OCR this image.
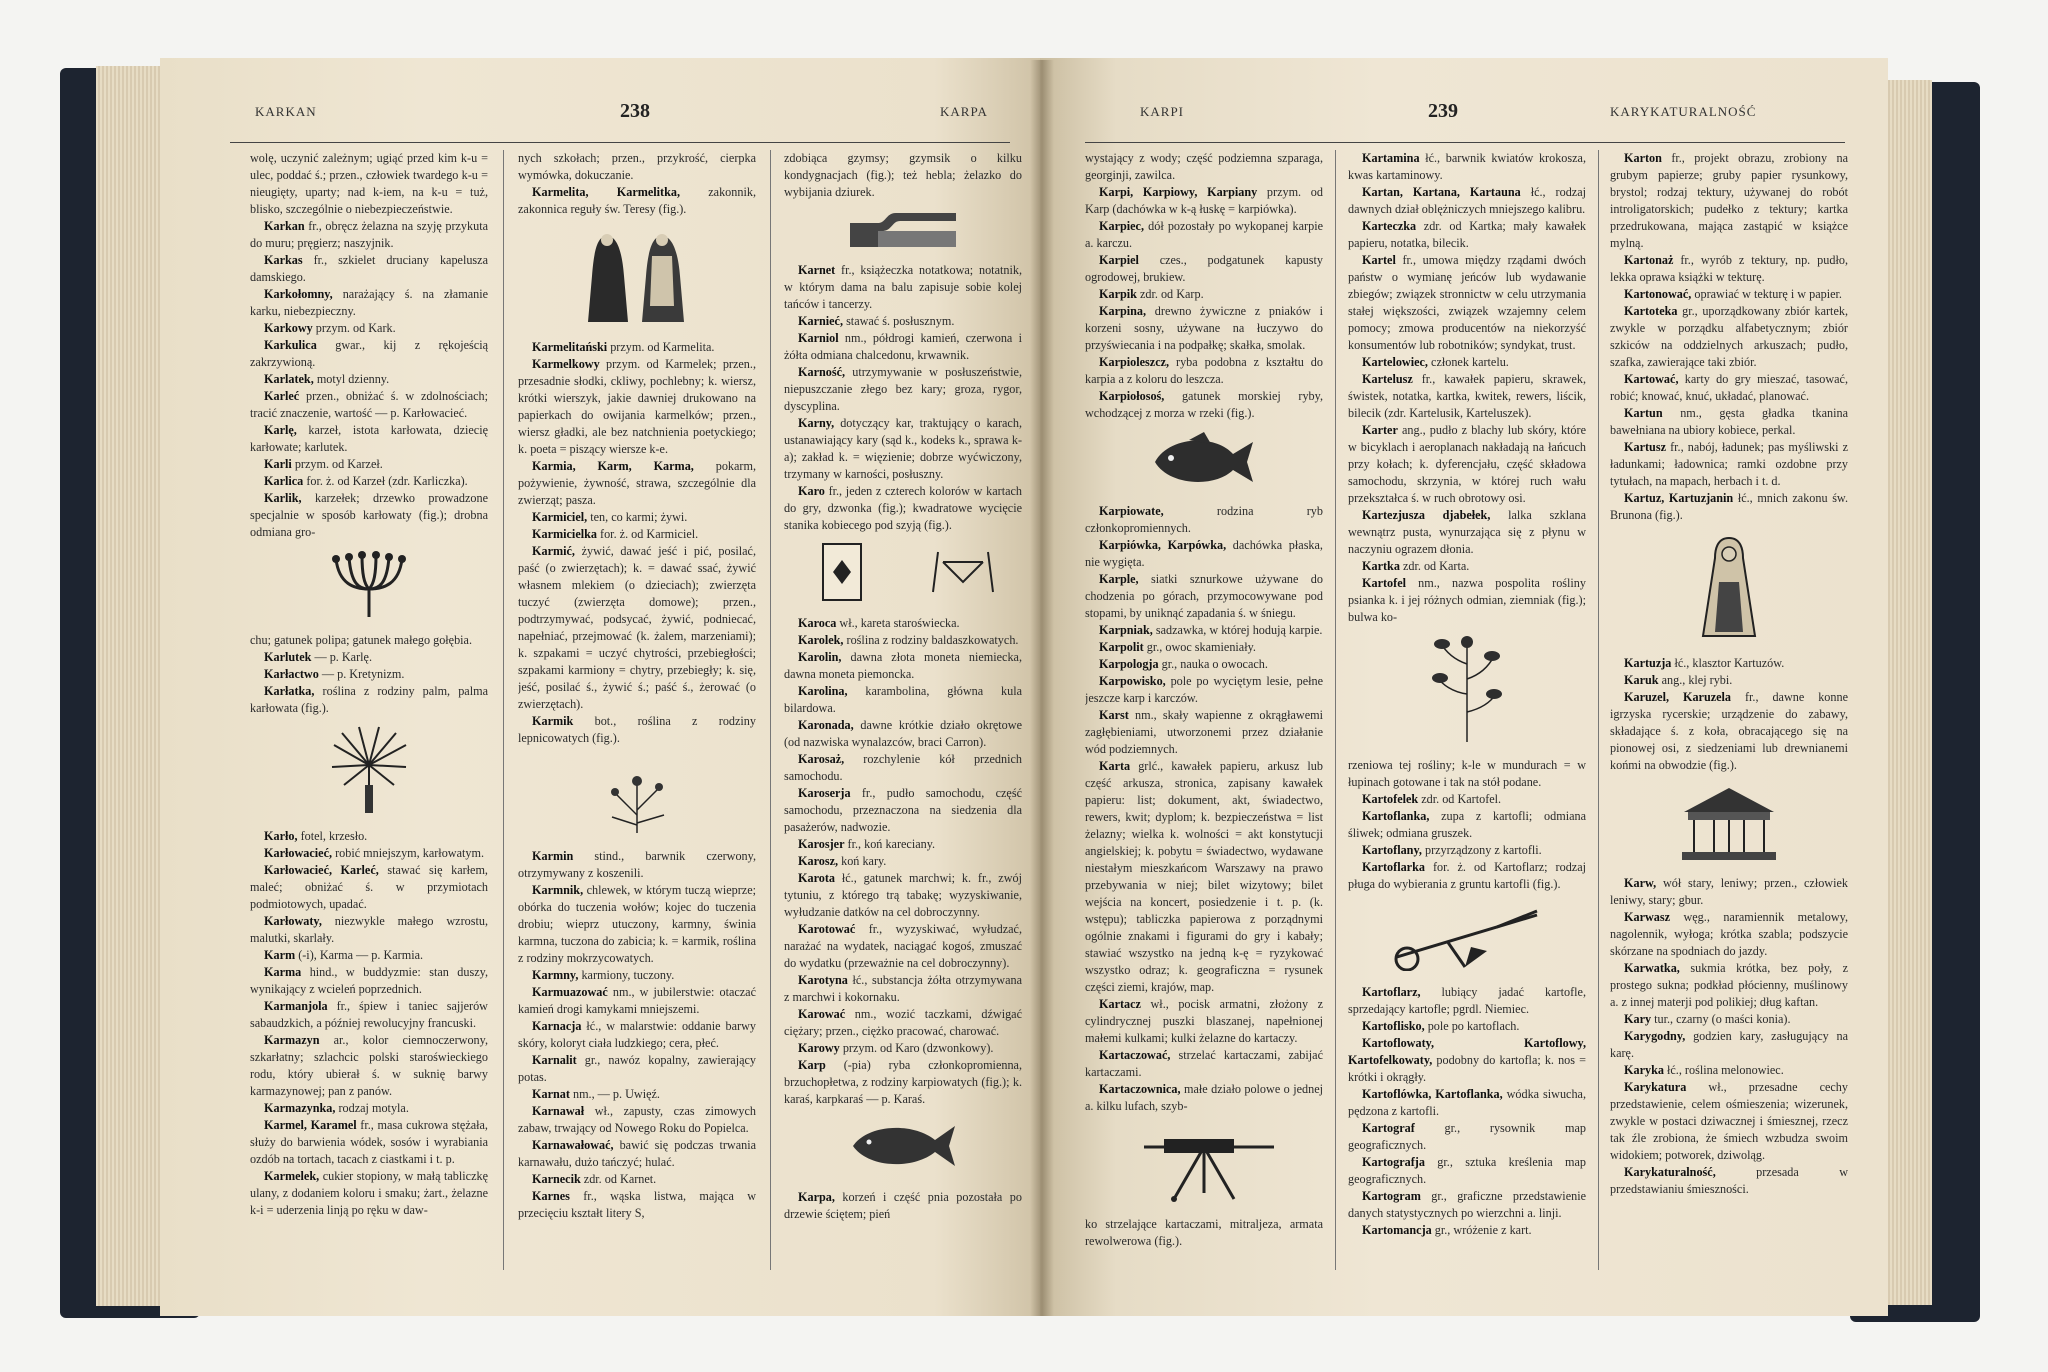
KARKAN	238	KARPA

wolę, uczynić zależnym; ugiąć przed kim k-u = ulec, poddać ś.; przen., człowiek twardego k-u = nieugięty, uparty; nad k-iem, na k-u = tuż, blisko, szczególnie o niebezpieczeństwie.

Karkan fr., obręcz żelazna na szyję przykuta do muru; pręgierz; naszyjnik.

Karkas fr., szkielet druciany kapelusza damskiego.

Karkołomny, narażający ś. na złamanie karku, niebezpieczny.

Karkowy przym. od Kark.

Karkulica gwar., kij z rękojeścią zakrzywioną.

Karlatek, motyl dzienny.

Karleć przen., obniżać ś. w zdolnościach; tracić znaczenie, wartość — p. Karłowacieć.

Karlę, karzeł, istota karłowata, dziecię karłowate; karlutek.

Karli przym. od Karzeł.

Karlica for. ż. od Karzeł (zdr. Karliczka).

Karlik, karzełek; drzewko prowadzone specjalnie w sposób karłowaty (fig.); drobna odmiana gro-

chu; gatunek polipa; gatunek małego gołębia.

Karlutek — p. Karlę.

Karłactwo — p. Kretynizm.

Karłatka, roślina z rodziny palm, palma karłowata (fig.).

Karło, fotel, krzesło.

Karłowacieć, robić mniejszym, karłowatym.

Karłowacieć, Karleć, stawać się karłem, maleć; obniżać ś. w przymiotach podmiotowych, upadać.

Karłowaty, niezwykle małego wzrostu, malutki, skarlały.

Karm (-i), Karma — p. Karmia.

Karma hind., w buddyzmie: stan duszy, wynikający z wcieleń poprzednich.

Karmanjola fr., śpiew i taniec sajjerów sabaudzkich, a później rewolucyjny francuski.

Karmazyn ar., kolor ciemnoczerwony, szkarłatny; szlachcic polski staroświeckiego rodu, który ubierał ś. w suknię barwy karmazynowej; pan z panów.

Karmazynka, rodzaj motyla.

Karmel, Karamel fr., masa cukrowa stężała, służy do barwienia wódek, sosów i wyrabiania ozdób na tortach, tacach z ciastkami i t. p.

Karmelek, cukier stopiony, w małą tabliczkę ulany, z dodaniem koloru i smaku; żart., żelazne k-i = uderzenia linją po ręku w daw-

nych szkołach; przen., przykrość, cierpka wymówka, dokuczanie.

Karmelita, Karmelitka, zakonnik, zakonnica reguły św. Teresy (fig.).

Karmelitański przym. od Karmelita.

Karmelkowy przym. od Karmelek; przen., przesadnie słodki, ckliwy, pochlebny; k. wiersz, krótki wierszyk, jakie dawniej drukowano na papierkach do owijania karmelków; przen., wiersz gładki, ale bez natchnienia poetyckiego; k. poeta = piszący wiersze k-e.

Karmia, Karm, Karma, pokarm, pożywienie, żywność, strawa, szczególnie dla zwierząt; pasza.

Karmiciel, ten, co karmi; żywi.

Karmicielka for. ż. od Karmiciel.

Karmić, żywić, dawać jeść i pić, posilać, paść (o zwierzętach); k. = dawać ssać, żywić własnem mlekiem (o dzieciach); zwierzęta tuczyć (zwierzęta domowe); przen., podtrzymywać, podsycać, żywić, podniecać, napełniać, przejmować (k. żalem, marzeniami); k. szpakami = uczyć chytrości, przebiegłości; szpakami karmiony = chytry, przebiegły; k. się, jeść, posilać ś., żywić ś.; paść ś., żerować (o zwierzętach).

Karmik bot., roślina z rodziny lepnicowatych (fig.).

Karmin stind., barwnik czerwony, otrzymywany z koszenili.

Karmnik, chlewek, w którym tuczą wieprze; obórka do tuczenia wołów; kojec do tuczenia drobiu; wieprz utuczony, karmny, świnia karmna, tuczona do zabicia; k. = karmik, roślina z rodziny mokrzycowatych.

Karmny, karmiony, tuczony.

Karmuazować nm., w jubilerstwie: otaczać kamień drogi kamykami mniejszemi.

Karnacja łć., w malarstwie: oddanie barwy skóry, koloryt ciała ludzkiego; cera, płeć.

Karnalit gr., nawóz kopalny, zawierający potas.

Karnat nm., — p. Uwięź.

Karnawał wł., zapusty, czas zimowych zabaw, trwający od Nowego Roku do Popielca.

Karnawałować, bawić się podczas trwania karnawału, dużo tańczyć; hulać.

Karnecik zdr. od Karnet.

Karnes fr., wąska listwa, mająca w przecięciu kształt litery S,

zdobiąca gzymsy; gzymsik o kilku kondygnacjach (fig.); też hebla; żelazko do wybijania dziurek.

Karnet fr., książeczka notatkowa; notatnik, w którym dama na balu zapisuje sobie kolej tańców i tancerzy.

Karnieć, stawać ś. posłusznym.

Karniol nm., półdrogi kamień, czerwona i żółta odmiana chalcedonu, krwawnik.

Karność, utrzymywanie w posłuszeństwie, niepuszczanie złego bez kary; groza, rygor, dyscyplina.

Karny, dotyczący kar, traktujący o karach, ustanawiający kary (sąd k., kodeks k., sprawa k-a); zakład k. = więzienie; dobrze wyćwiczony, trzymany w karności, posłuszny.

Karo fr., jeden z czterech kolorów w kartach do gry, dzwonka (fig.); kwadratowe wycięcie stanika kobiecego pod szyją (fig.).

Karoca wł., kareta staroświecka.

Karolek, roślina z rodziny baldaszkowatych.

Karolin, dawna złota moneta niemiecka, dawna moneta piemoncka.

Karolina, karambolina, główna kula bilardowa.

Karonada, dawne krótkie działo okrętowe (od nazwiska wynalazców, braci Carron).

Karosaż, rozchylenie kół przednich samochodu.

Karoserja fr., pudło samochodu, część samochodu, przeznaczona na siedzenia dla pasażerów, nadwozie.

Karosjer fr., koń kareciany.

Karosz, koń kary.

Karota łć., gatunek marchwi; k. fr., zwój tytuniu, z którego trą tabakę; wyzyskiwanie, wyłudzanie datków na cel dobroczynny.

Karotować fr., wyzyskiwać, wyłudzać, narażać na wydatek, naciągać kogoś, zmuszać do wydatku (przeważnie na cel dobroczynny).

Karotyna łć., substancja żółta otrzymywana z marchwi i kokornaku.

Karować nm., wozić taczkami, dźwigać ciężary; przen., ciężko pracować, charować.

Karowy przym. od Karo (dzwonkowy).

Karp (-pia) ryba członkopromienna, brzuchopłetwa, z rodziny karpiowatych (fig.); k. karaś, karpkaraś — p. Karaś.

Karpa, korzeń i część pnia pozostała po drzewie ściętem; pień

KARPI	239	KARYKATURALNOŚĆ

wystający z wody; część podziemna szparaga, georginji, zawilca.

Karpi, Karpiowy, Karpiany przym. od Karp (dachówka w k-ą łuskę = karpiówka).

Karpiec, dół pozostały po wykopanej karpie a. karczu.

Karpiel czes., podgatunek kapusty ogrodowej, brukiew.

Karpik zdr. od Karp.

Karpina, drewno żywiczne z pniaków i korzeni sosny, używane na łuczywo do przyświecania i na podpałkę; skałka, smolak.

Karpioleszcz, ryba podobna z kształtu do karpia a z koloru do leszcza.

Karpiołosoś, gatunek morskiej ryby, wchodzącej z morza w rzeki (fig.).

Karpiowate, rodzina ryb członkopromiennych.

Karpiówka, Karpówka, dachówka płaska, nie wygięta.

Karple, siatki sznurkowe używane do chodzenia po górach, przymocowywane pod stopami, by uniknąć zapadania ś. w śniegu.

Karpniak, sadzawka, w której hodują karpie.

Karpolit gr., owoc skamieniały.

Karpologja gr., nauka o owocach.

Karpowisko, pole po wyciętym lesie, pełne jeszcze karp i karczów.

Karst nm., skały wapienne z okrągławemi zagłębieniami, utworzonemi przez działanie wód podziemnych.

Karta grlć., kawałek papieru, arkusz lub część arkusza, stronica, zapisany kawałek papieru: list; dokument, akt, świadectwo, rewers, kwit; dyplom; k. bezpieczeństwa = list żelazny; wielka k. wolności = akt konstytucji angielskiej; k. pobytu = świadectwo, wydawane niestałym mieszkańcom Warszawy na prawo przebywania w niej; bilet wizytowy; bilet wejścia na koncert, posiedzenie i t. p. (k. wstępu); tabliczka papierowa z porządnymi ogólnie znakami i figurami do gry i kabały; stawiać wszystko na jedną k-ę = ryzykować wszystko odraz; k. geograficzna = rysunek części ziemi, krajów, map.

Kartacz wł., pocisk armatni, złożony z cylindrycznej puszki blaszanej, napełnionej małemi kulkami; kulki żelazne do kartaczy.

Kartaczować, strzelać kartaczami, zabijać kartaczami.

Kartaczownica, małe działo polowe o jednej a. kilku lufach, szyb-

ko strzelające kartaczami, mitraljeza, armata rewolwerowa (fig.).

Kartamina łć., barwnik kwiatów krokosza, kwas kartaminowy.

Kartan, Kartana, Kartauna łć., rodzaj dawnych dział oblężniczych mniejszego kalibru.

Karteczka zdr. od Kartka; mały kawałek papieru, notatka, bilecik.

Kartel fr., umowa między rządami dwóch państw o wymianę jeńców lub wydawanie zbiegów; związek stronnictw w celu utrzymania stałej większości, związek wzajemny celem pomocy; zmowa producentów na niekorzyść konsumentów lub robotników; syndykat, trust.

Kartelowiec, członek kartelu.

Kartelusz fr., kawałek papieru, skrawek, świstek, notatka, kartka, kwitek, rewers, liścik, bilecik (zdr. Kartelusik, Karteluszek).

Karter ang., pudło z blachy lub skóry, które w bicyklach i aeroplanach nakładają na łańcuch przy kołach; k. dyferencjału, część składowa samochodu, skrzynia, w której ruch wału przekształca ś. w ruch obrotowy osi.

Kartezjusza djabełek, lalka szklana wewnątrz pusta, wynurzająca się z płynu w naczyniu ograzem dłonia.

Kartka zdr. od Karta.

Kartofel nm., nazwa pospolita rośliny psianka k. i jej różnych odmian, ziemniak (fig.); bulwa ko-

rzeniowa tej rośliny; k-le w mundurach = w łupinach gotowane i tak na stół podane.

Kartofelek zdr. od Kartofel.

Kartoflanka, zupa z kartofli; odmiana śliwek; odmiana gruszek.

Kartoflany, przyrządzony z kartofli.

Kartoflarka for. ż. od Kartoflarz; rodzaj pługa do wybierania z gruntu kartofli (fig.).

Kartoflarz, lubiący jadać kartofle, sprzedający kartofle; pgrdl. Niemiec.

Kartoflisko, pole po kartoflach.

Kartoflowaty, Kartoflowy, Kartofelkowaty, podobny do kartofla; k. nos = krótki i okrągły.

Kartoflówka, Kartoflanka, wódka siwucha, pędzona z kartofli.

Kartograf gr., rysownik map geograficznych.

Kartografja gr., sztuka kreślenia map geograficznych.

Kartogram gr., graficzne przedstawienie danych statystycznych po wierzchni a. linji.

Kartomancja gr., wróżenie z kart.

Karton fr., projekt obrazu, zrobiony na grubym papierze; gruby papier rysunkowy, brystol; rodzaj tektury, używanej do robót introligatorskich; pudełko z tektury; kartka przedrukowana, mająca zastąpić w książce mylną.

Kartonaż fr., wyrób z tektury, np. pudło, lekka oprawa książki w tekturę.

Kartonować, oprawiać w tekturę i w papier.

Kartoteka gr., uporządkowany zbiór kartek, zwykle w porządku alfabetycznym; zbiór szkiców na oddzielnych arkuszach; pudło, szafka, zawierające taki zbiór.

Kartować, karty do gry mieszać, tasować, robić; knować, knuć, układać, planować.

Kartun nm., gęsta gładka tkanina bawełniana na ubiory kobiece, perkal.

Kartusz fr., nabój, ładunek; pas myśliwski z ładunkami; ładownica; ramki ozdobne przy tytułach, na mapach, herbach i t. d.

Kartuz, Kartuzjanin łć., mnich zakonu św. Brunona (fig.).

Kartuzja łć., klasztor Kartuzów.

Karuk ang., klej rybi.

Karuzel, Karuzela fr., dawne konne igrzyska rycerskie; urządzenie do zabawy, składające ś. z koła, obracającego się na pionowej osi, z siedzeniami lub drewnianemi końmi na obwodzie (fig.).

Karw, wół stary, leniwy; przen., człowiek leniwy, stary; gbur.

Karwasz węg., naramiennik metalowy, nagolennik, wyłoga; krótka szabla; podszycie skórzane na spodniach do jazdy.

Karwatka, sukmia krótka, bez poły, z prostego sukna; podkład płócienny, muślinowy a. z innej materji pod polikiej; dług kaftan.

Kary tur., czarny (o maści konia).

Karygodny, godzien kary, zasługujący na karę.

Karyka łć., roślina melonowiec.

Karykatura wł., przesadne cechy przedstawienie, celem ośmieszenia; wizerunek, zwykle w postaci dziwacznej i śmiesznej, rzecz tak źle zrobiona, że śmiech wzbudza swoim widokiem; potworek, dziwoląg.

Karykaturalność, przesada w przedstawianiu śmieszności.
